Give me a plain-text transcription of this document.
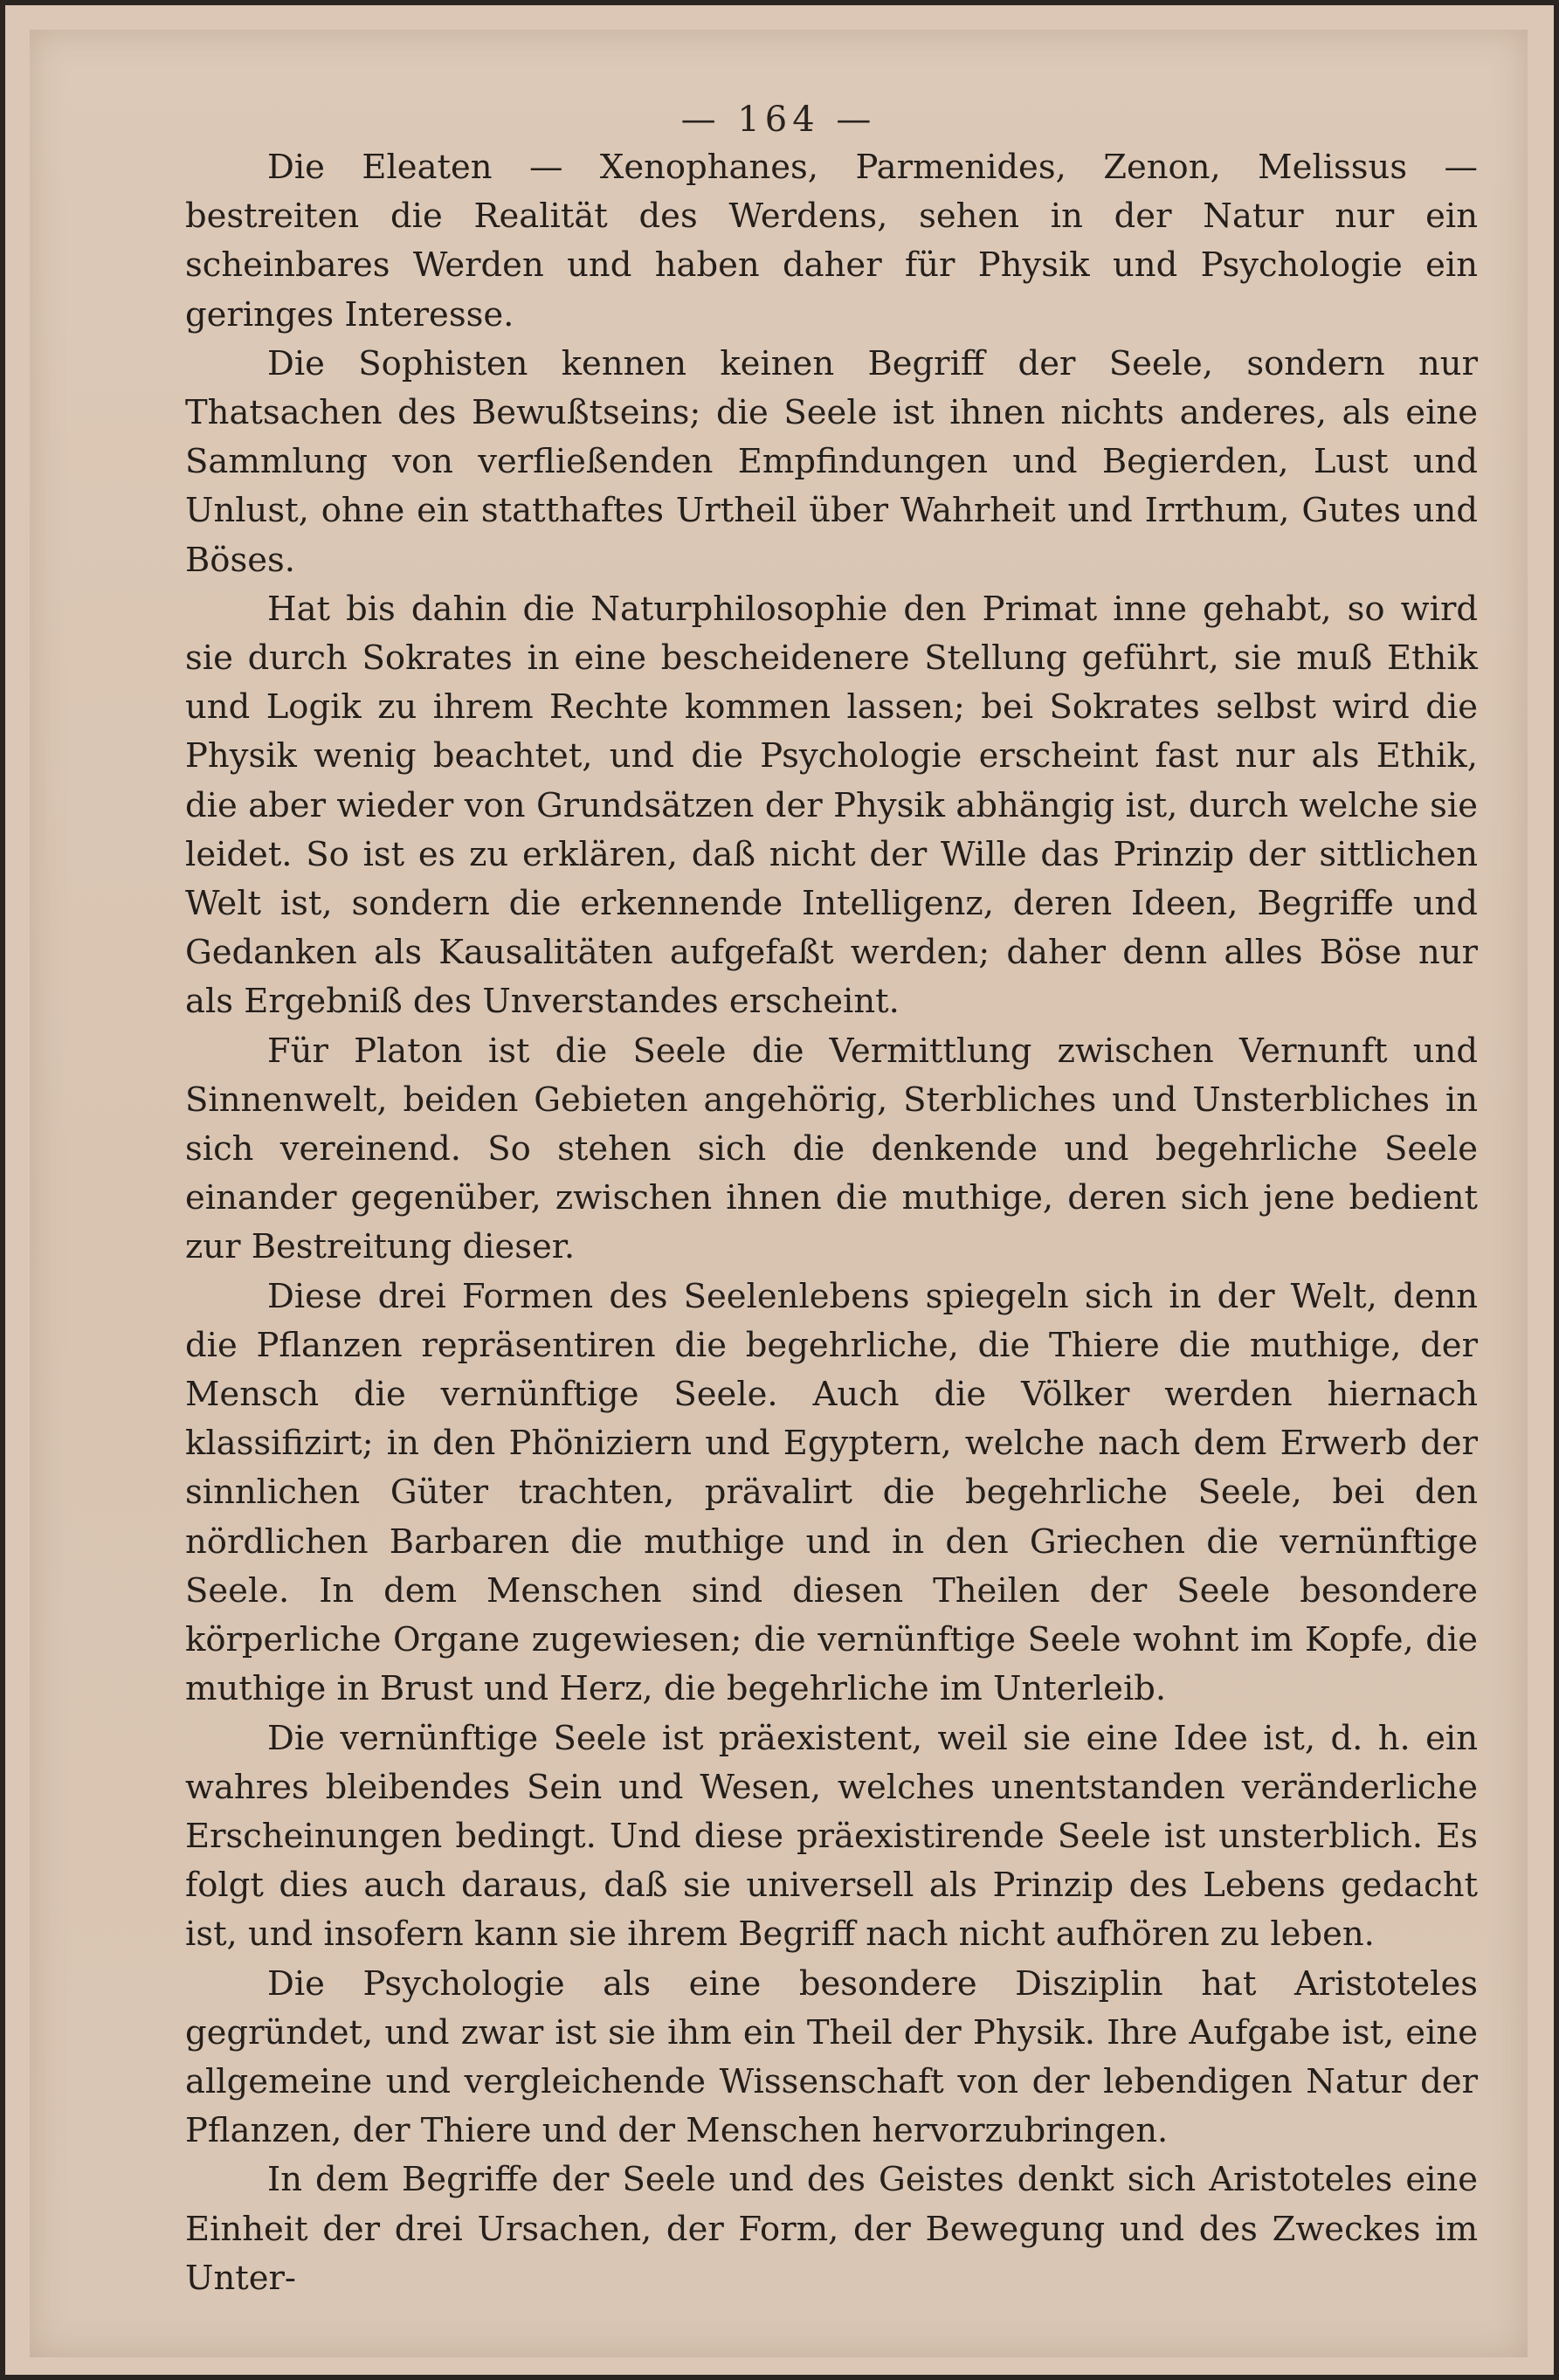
— 164 —

Die Eleaten — Xenophanes, Parmenides, Zenon, Melissus — bestreiten die Realität des Werdens, sehen in der Natur nur ein scheinbares Werden und haben daher für Physik und Psychologie ein geringes Interesse.

Die Sophisten kennen keinen Begriff der Seele, sondern nur Thatsachen des Bewußtseins; die Seele ist ihnen nichts anderes, als eine Sammlung von verfließenden Empfindungen und Begierden, Lust und Unlust, ohne ein statthaftes Urtheil über Wahrheit und Irrthum, Gutes und Böses.

Hat bis dahin die Naturphilosophie den Primat inne gehabt, so wird sie durch Sokrates in eine bescheidenere Stellung geführt, sie muß Ethik und Logik zu ihrem Rechte kommen lassen; bei Sokrates selbst wird die Physik wenig beachtet, und die Psychologie erscheint fast nur als Ethik, die aber wieder von Grundsätzen der Physik abhängig ist, durch welche sie leidet. So ist es zu erklären, daß nicht der Wille das Prinzip der sittlichen Welt ist, sondern die erkennende Intelligenz, deren Ideen, Begriffe und Gedanken als Kausalitäten aufgefaßt werden; daher denn alles Böse nur als Ergebniß des Unverstandes erscheint.

Für Platon ist die Seele die Vermittlung zwischen Vernunft und Sinnenwelt, beiden Gebieten angehörig, Sterbliches und Unsterbliches in sich vereinend. So stehen sich die denkende und begehrliche Seele einander gegenüber, zwischen ihnen die muthige, deren sich jene bedient zur Bestreitung dieser.

Diese drei Formen des Seelenlebens spiegeln sich in der Welt, denn die Pflanzen repräsentiren die begehrliche, die Thiere die muthige, der Mensch die vernünftige Seele. Auch die Völker werden hiernach klassifizirt; in den Phöniziern und Egyptern, welche nach dem Erwerb der sinnlichen Güter trachten, prävalirt die begehrliche Seele, bei den nördlichen Barbaren die muthige und in den Griechen die vernünftige Seele. In dem Menschen sind diesen Theilen der Seele besondere körperliche Organe zugewiesen; die vernünftige Seele wohnt im Kopfe, die muthige in Brust und Herz, die begehrliche im Unterleib.

Die vernünftige Seele ist präexistent, weil sie eine Idee ist, d. h. ein wahres bleibendes Sein und Wesen, welches unentstanden veränderliche Erscheinungen bedingt. Und diese präexistirende Seele ist unsterblich. Es folgt dies auch daraus, daß sie universell als Prinzip des Lebens gedacht ist, und insofern kann sie ihrem Begriff nach nicht aufhören zu leben.

Die Psychologie als eine besondere Disziplin hat Aristoteles gegründet, und zwar ist sie ihm ein Theil der Physik. Ihre Aufgabe ist, eine allgemeine und vergleichende Wissenschaft von der lebendigen Natur der Pflanzen, der Thiere und der Menschen hervorzubringen.

In dem Begriffe der Seele und des Geistes denkt sich Aristoteles eine Einheit der drei Ursachen, der Form, der Bewegung und des Zweckes im Unter-
